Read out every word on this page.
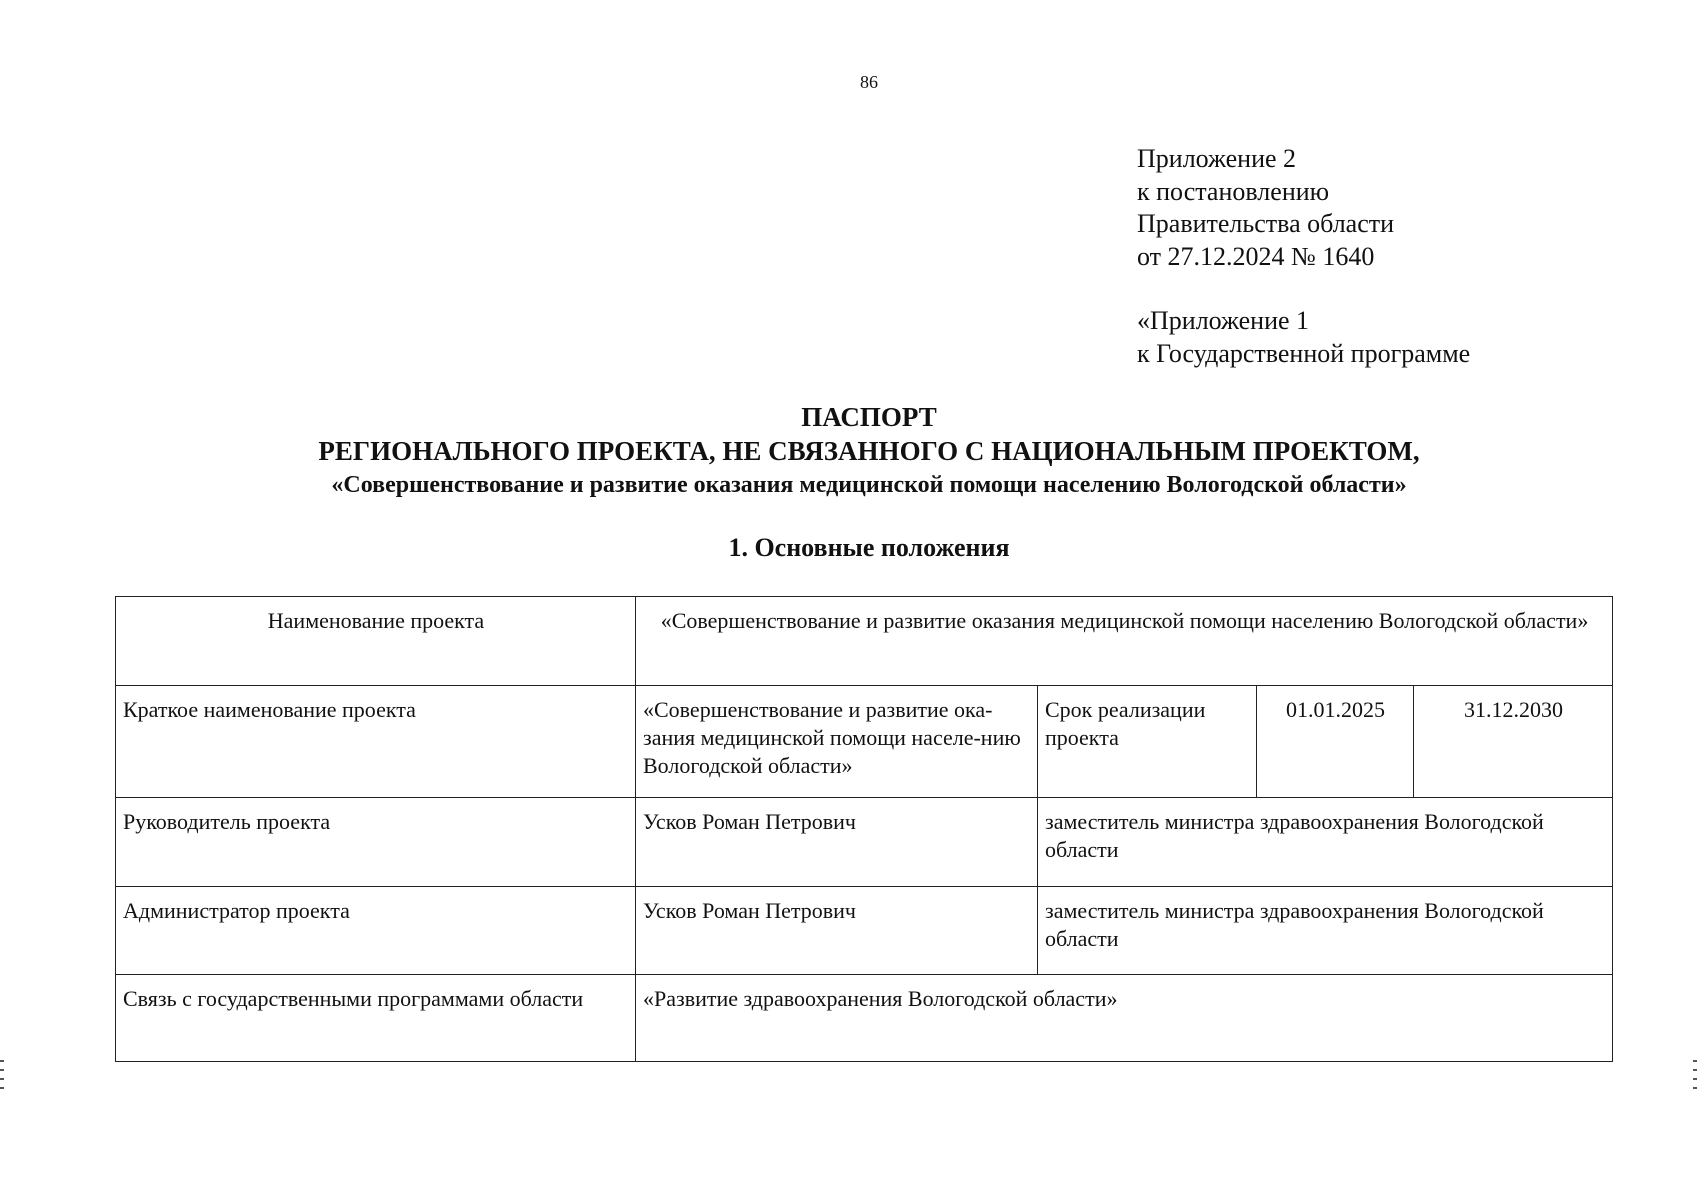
86
Приложение 2
к постановлению
Правительства области
от 27.12.2024 № 1640
«Приложение 1
к Государственной программе
ПАСПОРТ
РЕГИОНАЛЬНОГО ПРОЕКТА, НЕ СВЯЗАННОГО С НАЦИОНАЛЬНЫМ ПРОЕКТОМ,
«Совершенствование и развитие оказания медицинской помощи населению Вологодской области»
1. Основные положения
Наименование проекта	«Совершенствование и развитие оказания медицинской помощи населению Вологодской области»			
Краткое наименование проекта	«Совершенствование и развитие ока-зания медицинской помощи населе-нию Вологодской области»	Срок реализации проекта	01.01.2025	31.12.2030
Руководитель проекта	Усков Роман Петрович	заместитель министра здравоохранения Вологодской области		
Администратор проекта	Усков Роман Петрович	заместитель министра здравоохранения Вологодской области		
Связь с государственными программами области	«Развитие здравоохранения Вологодской области»			
